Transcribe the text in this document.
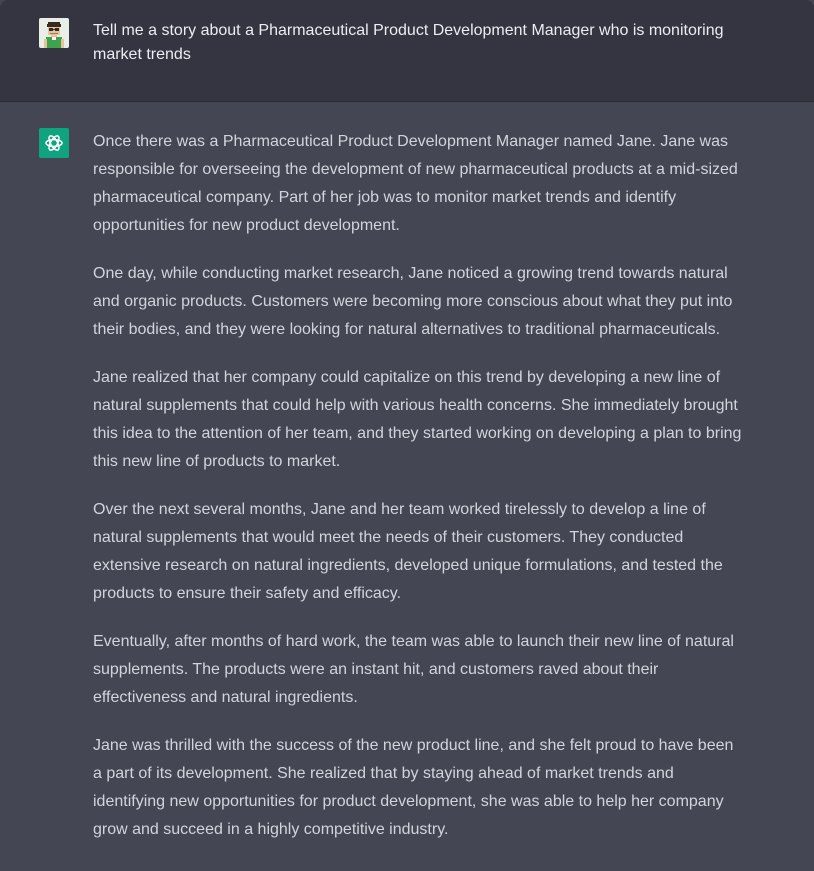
Tell me a story about a Pharmaceutical Product Development Manager who is monitoring market trends

Once there was a Pharmaceutical Product Development Manager named Jane. Jane was responsible for overseeing the development of new pharmaceutical products at a mid-sized pharmaceutical company. Part of her job was to monitor market trends and identify opportunities for new product development.

One day, while conducting market research, Jane noticed a growing trend towards natural and organic products. Customers were becoming more conscious about what they put into their bodies, and they were looking for natural alternatives to traditional pharmaceuticals.

Jane realized that her company could capitalize on this trend by developing a new line of natural supplements that could help with various health concerns. She immediately brought this idea to the attention of her team, and they started working on developing a plan to bring this new line of products to market.

Over the next several months, Jane and her team worked tirelessly to develop a line of natural supplements that would meet the needs of their customers. They conducted extensive research on natural ingredients, developed unique formulations, and tested the products to ensure their safety and efficacy.

Eventually, after months of hard work, the team was able to launch their new line of natural supplements. The products were an instant hit, and customers raved about their effectiveness and natural ingredients.

Jane was thrilled with the success of the new product line, and she felt proud to have been a part of its development. She realized that by staying ahead of market trends and identifying new opportunities for product development, she was able to help her company grow and succeed in a highly competitive industry.
